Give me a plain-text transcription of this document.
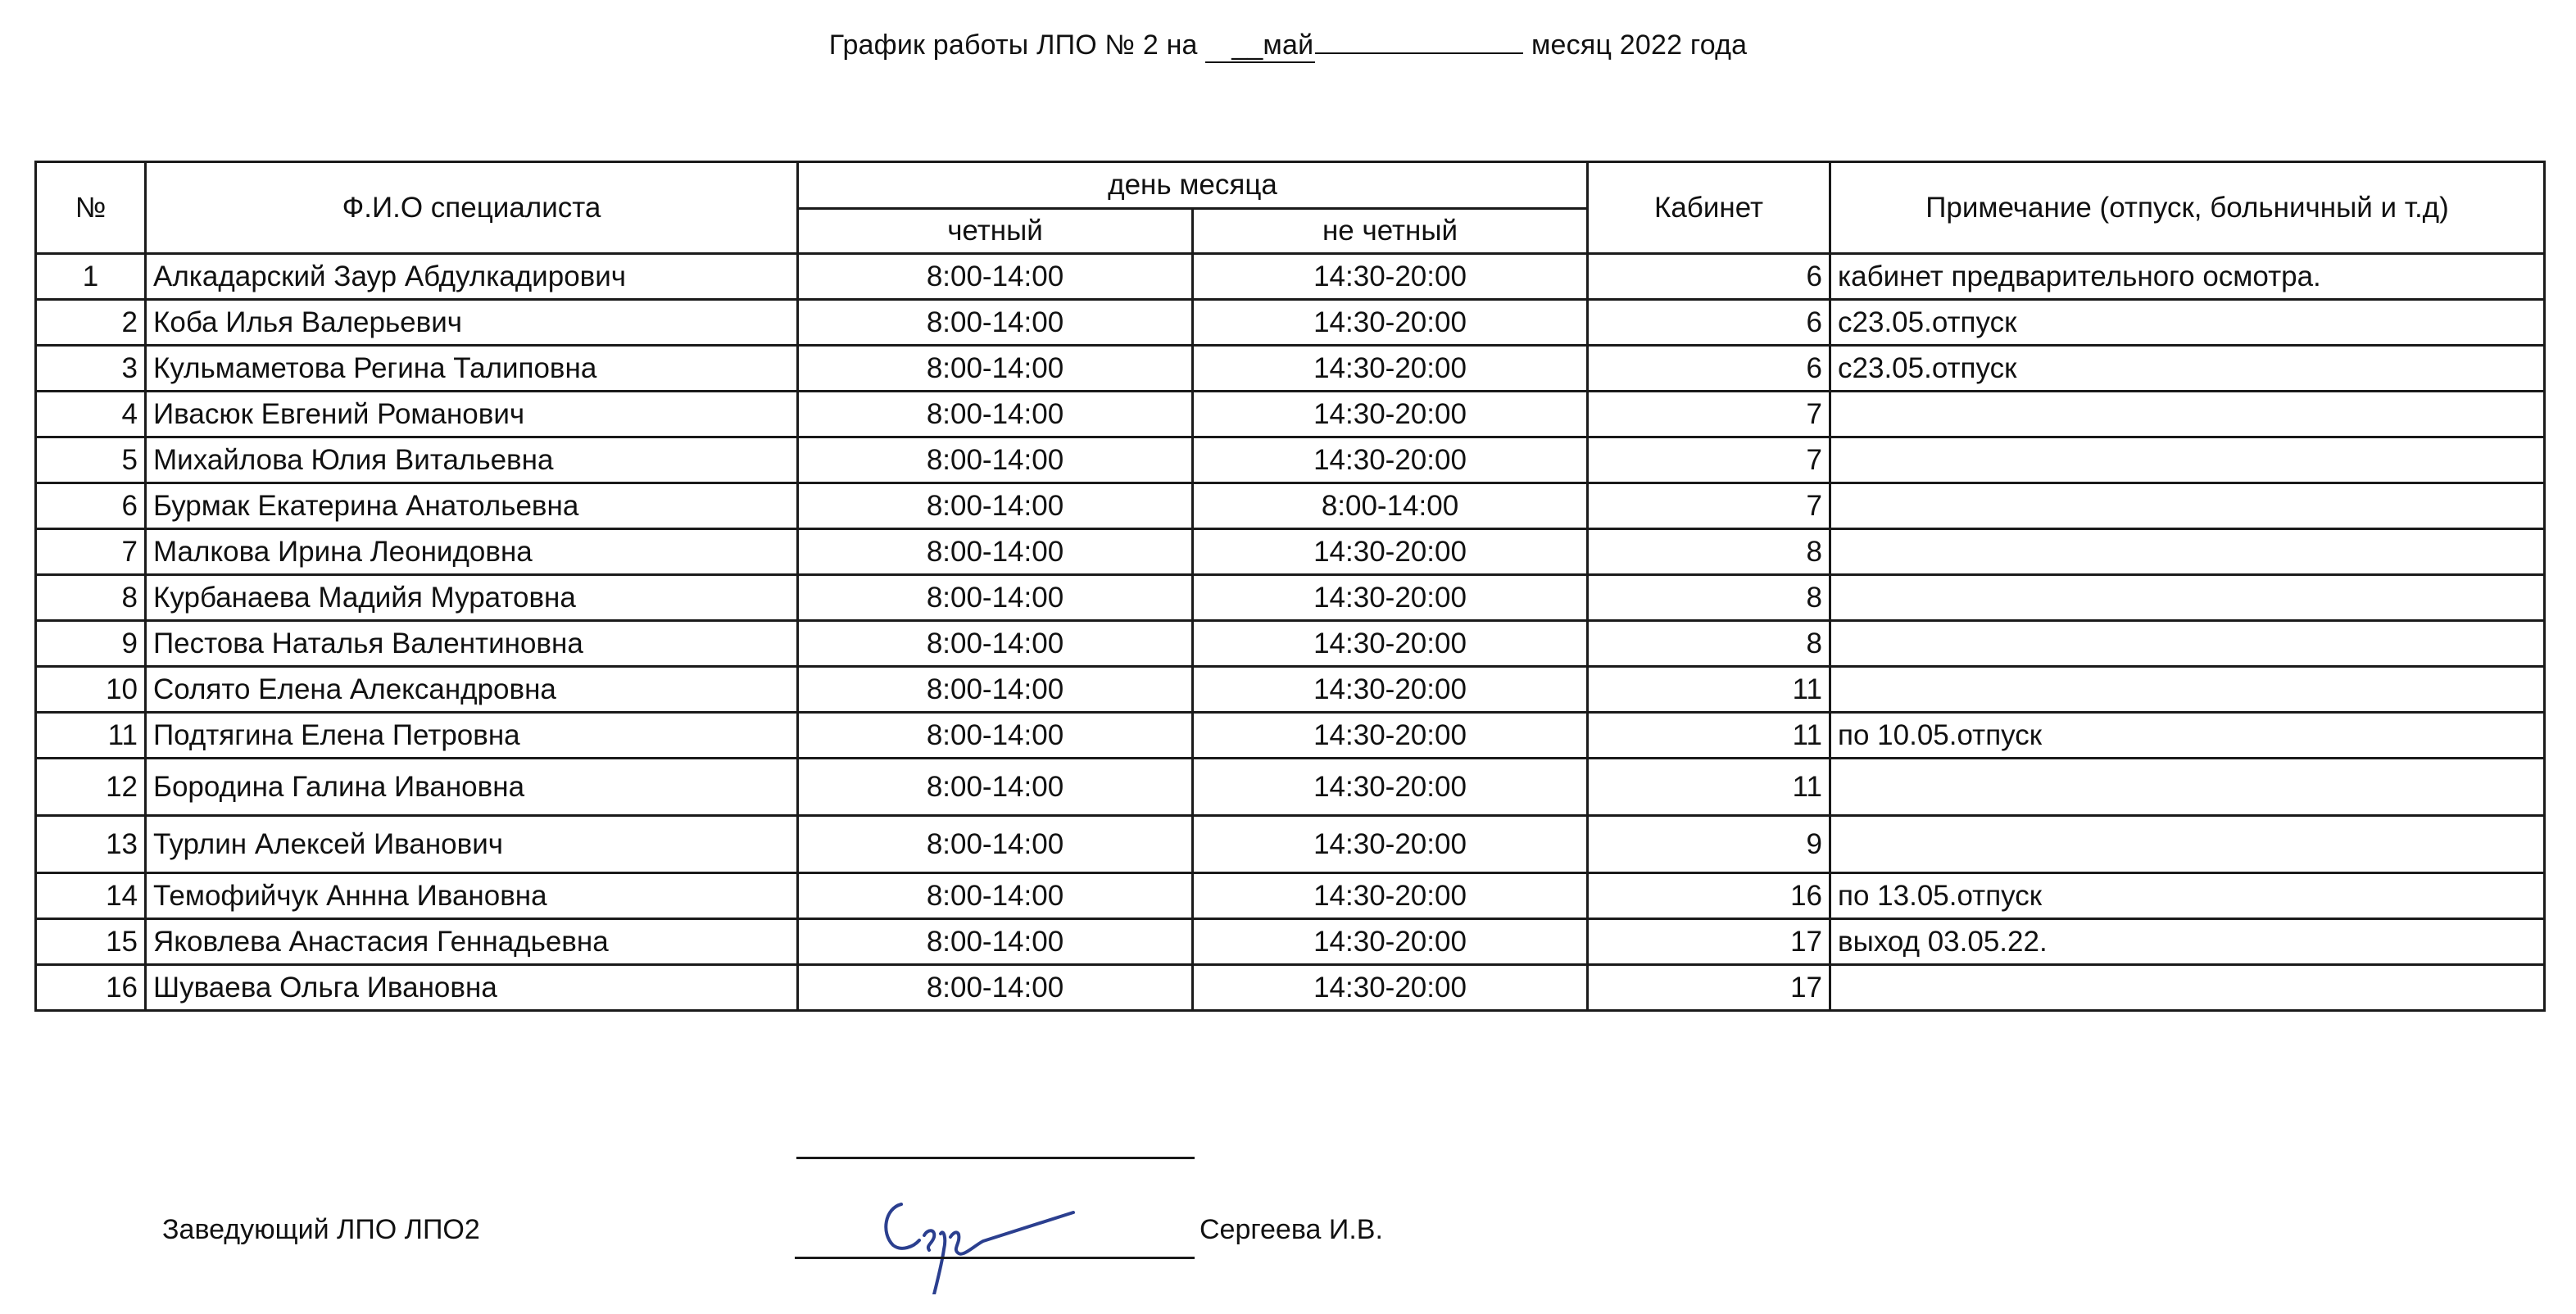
График работы ЛПО № 2 на __май	месяц 2022 года
№	Ф.И.О специалиста	день месяца		Кабинет	Примечание (отпуск, больничный и т.д)
		четный	не четный		
1	Алкадарский Заур Абдулкадирович	8:00-14:00	14:30-20:00	6	кабинет предварительного осмотра.
2	Коба Илья Валерьевич	8:00-14:00	14:30-20:00	6	с23.05.отпуск
3	Кульмаметова Регина Талиповна	8:00-14:00	14:30-20:00	6	с23.05.отпуск
4	Ивасюк Евгений Романович	8:00-14:00	14:30-20:00	7	
5	Михайлова Юлия Витальевна	8:00-14:00	14:30-20:00	7	
6	Бурмак Екатерина Анатольевна	8:00-14:00	8:00-14:00	7	
7	Малкова Ирина Леонидовна	8:00-14:00	14:30-20:00	8	
8	Курбанаева Мадийя Муратовна	8:00-14:00	14:30-20:00	8	
9	Пестова Наталья Валентиновна	8:00-14:00	14:30-20:00	8	
10	Солято Елена Александровна	8:00-14:00	14:30-20:00	11	
11	Подтягина Елена Петровна	8:00-14:00	14:30-20:00	11	по 10.05.отпуск
12	Бородина Галина Ивановна	8:00-14:00	14:30-20:00	11	
13	Турлин Алексей Иванович	8:00-14:00	14:30-20:00	9	
14	Темофийчук Аннна Ивановна	8:00-14:00	14:30-20:00	16	по 13.05.отпуск
15	Яковлева Анастасия Геннадьевна	8:00-14:00	14:30-20:00	17	выход 03.05.22.
16	Шуваева Ольга Ивановна	8:00-14:00	14:30-20:00	17	
Заведующий ЛПО ЛПО2	Сергеева И.В.
